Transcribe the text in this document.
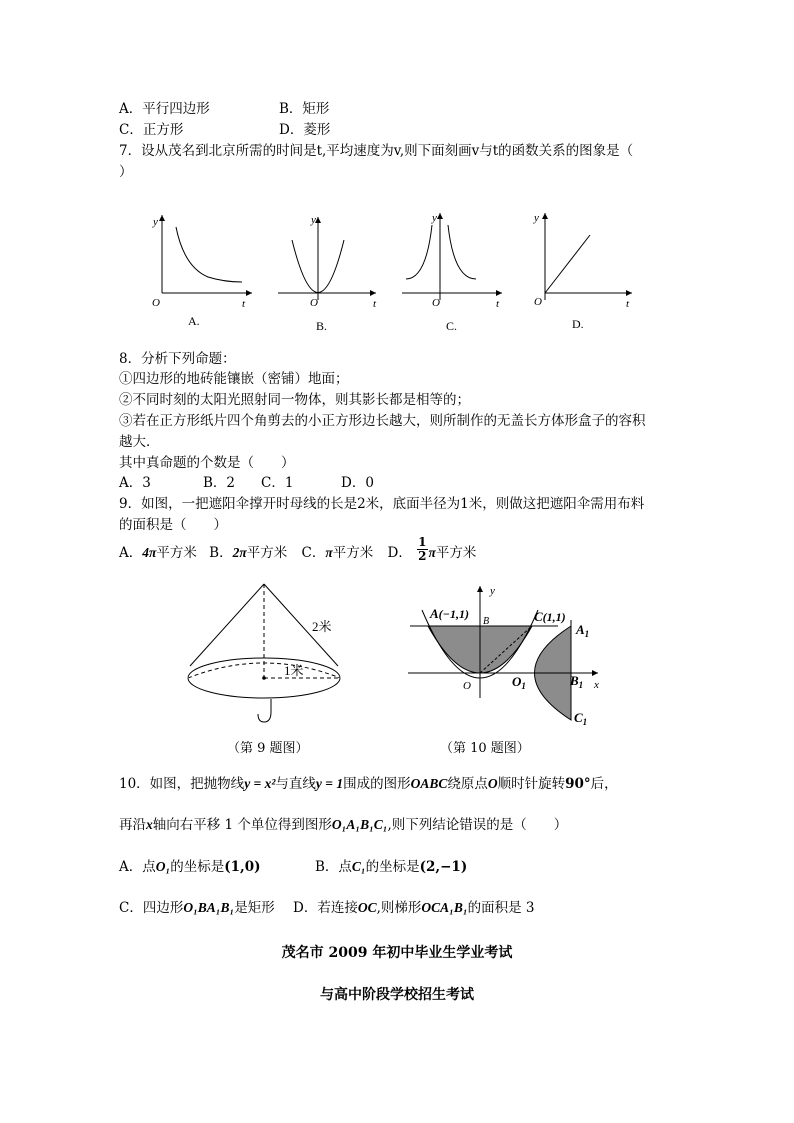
A．平行四边形	B．矩形
C．正方形	D．菱形
7．设从茂名到北京所需的时间是t,平均速度为v,则下面刻画v与t的函数关系的图象是（
）
y
t
O
A.
y
t
O
B.
y
t
O
C.
y
t
O
D.
8．分析下列命题：
①四边形的地砖能镶嵌（密铺）地面；
②不同时刻的太阳光照射同一物体，则其影长都是相等的；
③若在正方形纸片四个角剪去的小正方形边长越大，则所制作的无盖长方体形盒子的容积
越大．
其中真命题的个数是（　　）
A．3	B．2 C．1	D．0
9．如图，一把遮阳伞撑开时母线的长是2米，底面半径为1米，则做这把遮阳伞需用布料
的面积是（　　）
A．4π平方米 B．2π平方米 C．π平方米 D． $\frac{1}{2}$ π平方米
2米
1米
（第 9 题图）
y
x
A(−1,1)
B	C(1,1)
$A_1$
O	$O_1$	$B_1$
$C_1$
（第 10 题图）
10．如图，把抛物线y = x²与直线y = 1围成的图形OABC绕原点O顺时针旋转90°后，
再沿x轴向右平移 1 个单位得到图形O₁A₁B₁C₁,则下列结论错误的是（　　）
A．点O₁的坐标是(1,0)	B．点C₁的坐标是(2,−1)
C．四边形O₁BA₁B₁是矩形 D．若连接OC,则梯形OCA₁B₁的面积是 3
茂名市 2009 年初中毕业生学业考试
与高中阶段学校招生考试
